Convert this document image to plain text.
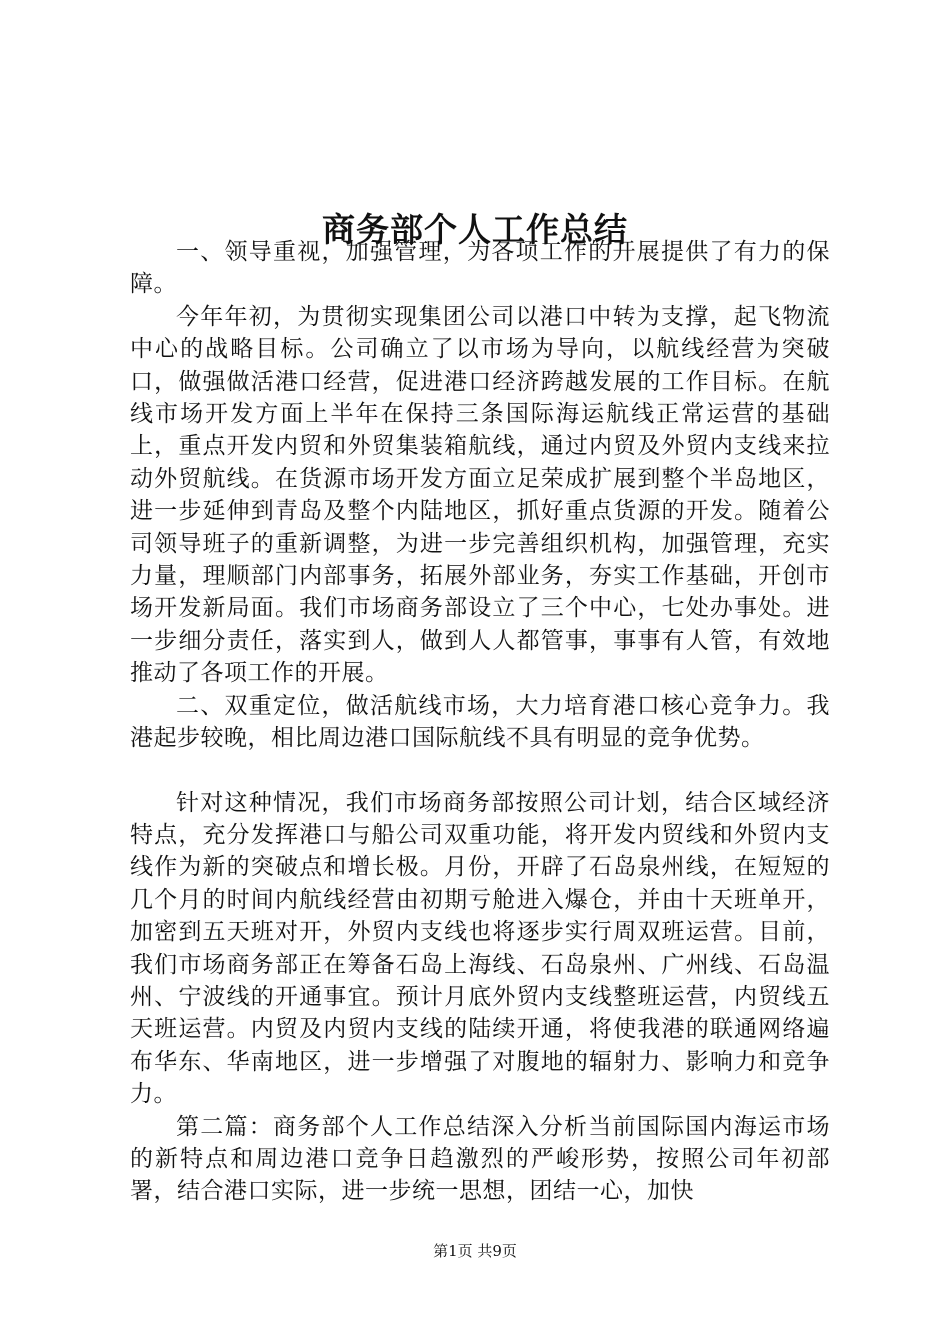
商务部个人工作总结

一、领导重视，加强管理，为各项工作的开展提供了有力的保障。

今年年初，为贯彻实现集团公司以港口中转为支撑，起飞物流中心的战略目标。公司确立了以市场为导向，以航线经营为突破口，做强做活港口经营，促进港口经济跨越发展的工作目标。在航线市场开发方面上半年在保持三条国际海运航线正常运营的基础上，重点开发内贸和外贸集装箱航线，通过内贸及外贸内支线来拉动外贸航线。在货源市场开发方面立足荣成扩展到整个半岛地区，进一步延伸到青岛及整个内陆地区，抓好重点货源的开发。随着公司领导班子的重新调整，为进一步完善组织机构，加强管理，充实力量，理顺部门内部事务，拓展外部业务，夯实工作基础，开创市场开发新局面。我们市场商务部设立了三个中心，七处办事处。进一步细分责任，落实到人，做到人人都管事，事事有人管，有效地推动了各项工作的开展。

二、双重定位，做活航线市场，大力培育港口核心竞争力。我港起步较晚，相比周边港口国际航线不具有明显的竞争优势。

针对这种情况，我们市场商务部按照公司计划，结合区域经济特点，充分发挥港口与船公司双重功能，将开发内贸线和外贸内支线作为新的突破点和增长极。月份，开辟了石岛泉州线，在短短的几个月的时间内航线经营由初期亏舱进入爆仓，并由十天班单开，加密到五天班对开，外贸内支线也将逐步实行周双班运营。目前，我们市场商务部正在筹备石岛上海线、石岛泉州、广州线、石岛温州、宁波线的开通事宜。预计月底外贸内支线整班运营，内贸线五天班运营。内贸及内贸内支线的陆续开通，将使我港的联通网络遍布华东、华南地区，进一步增强了对腹地的辐射力、影响力和竞争力。

第二篇：商务部个人工作总结深入分析当前国际国内海运市场的新特点和周边港口竞争日趋激烈的严峻形势，按照公司年初部署，结合港口实际，进一步统一思想，团结一心，加快

第1页 共9页
